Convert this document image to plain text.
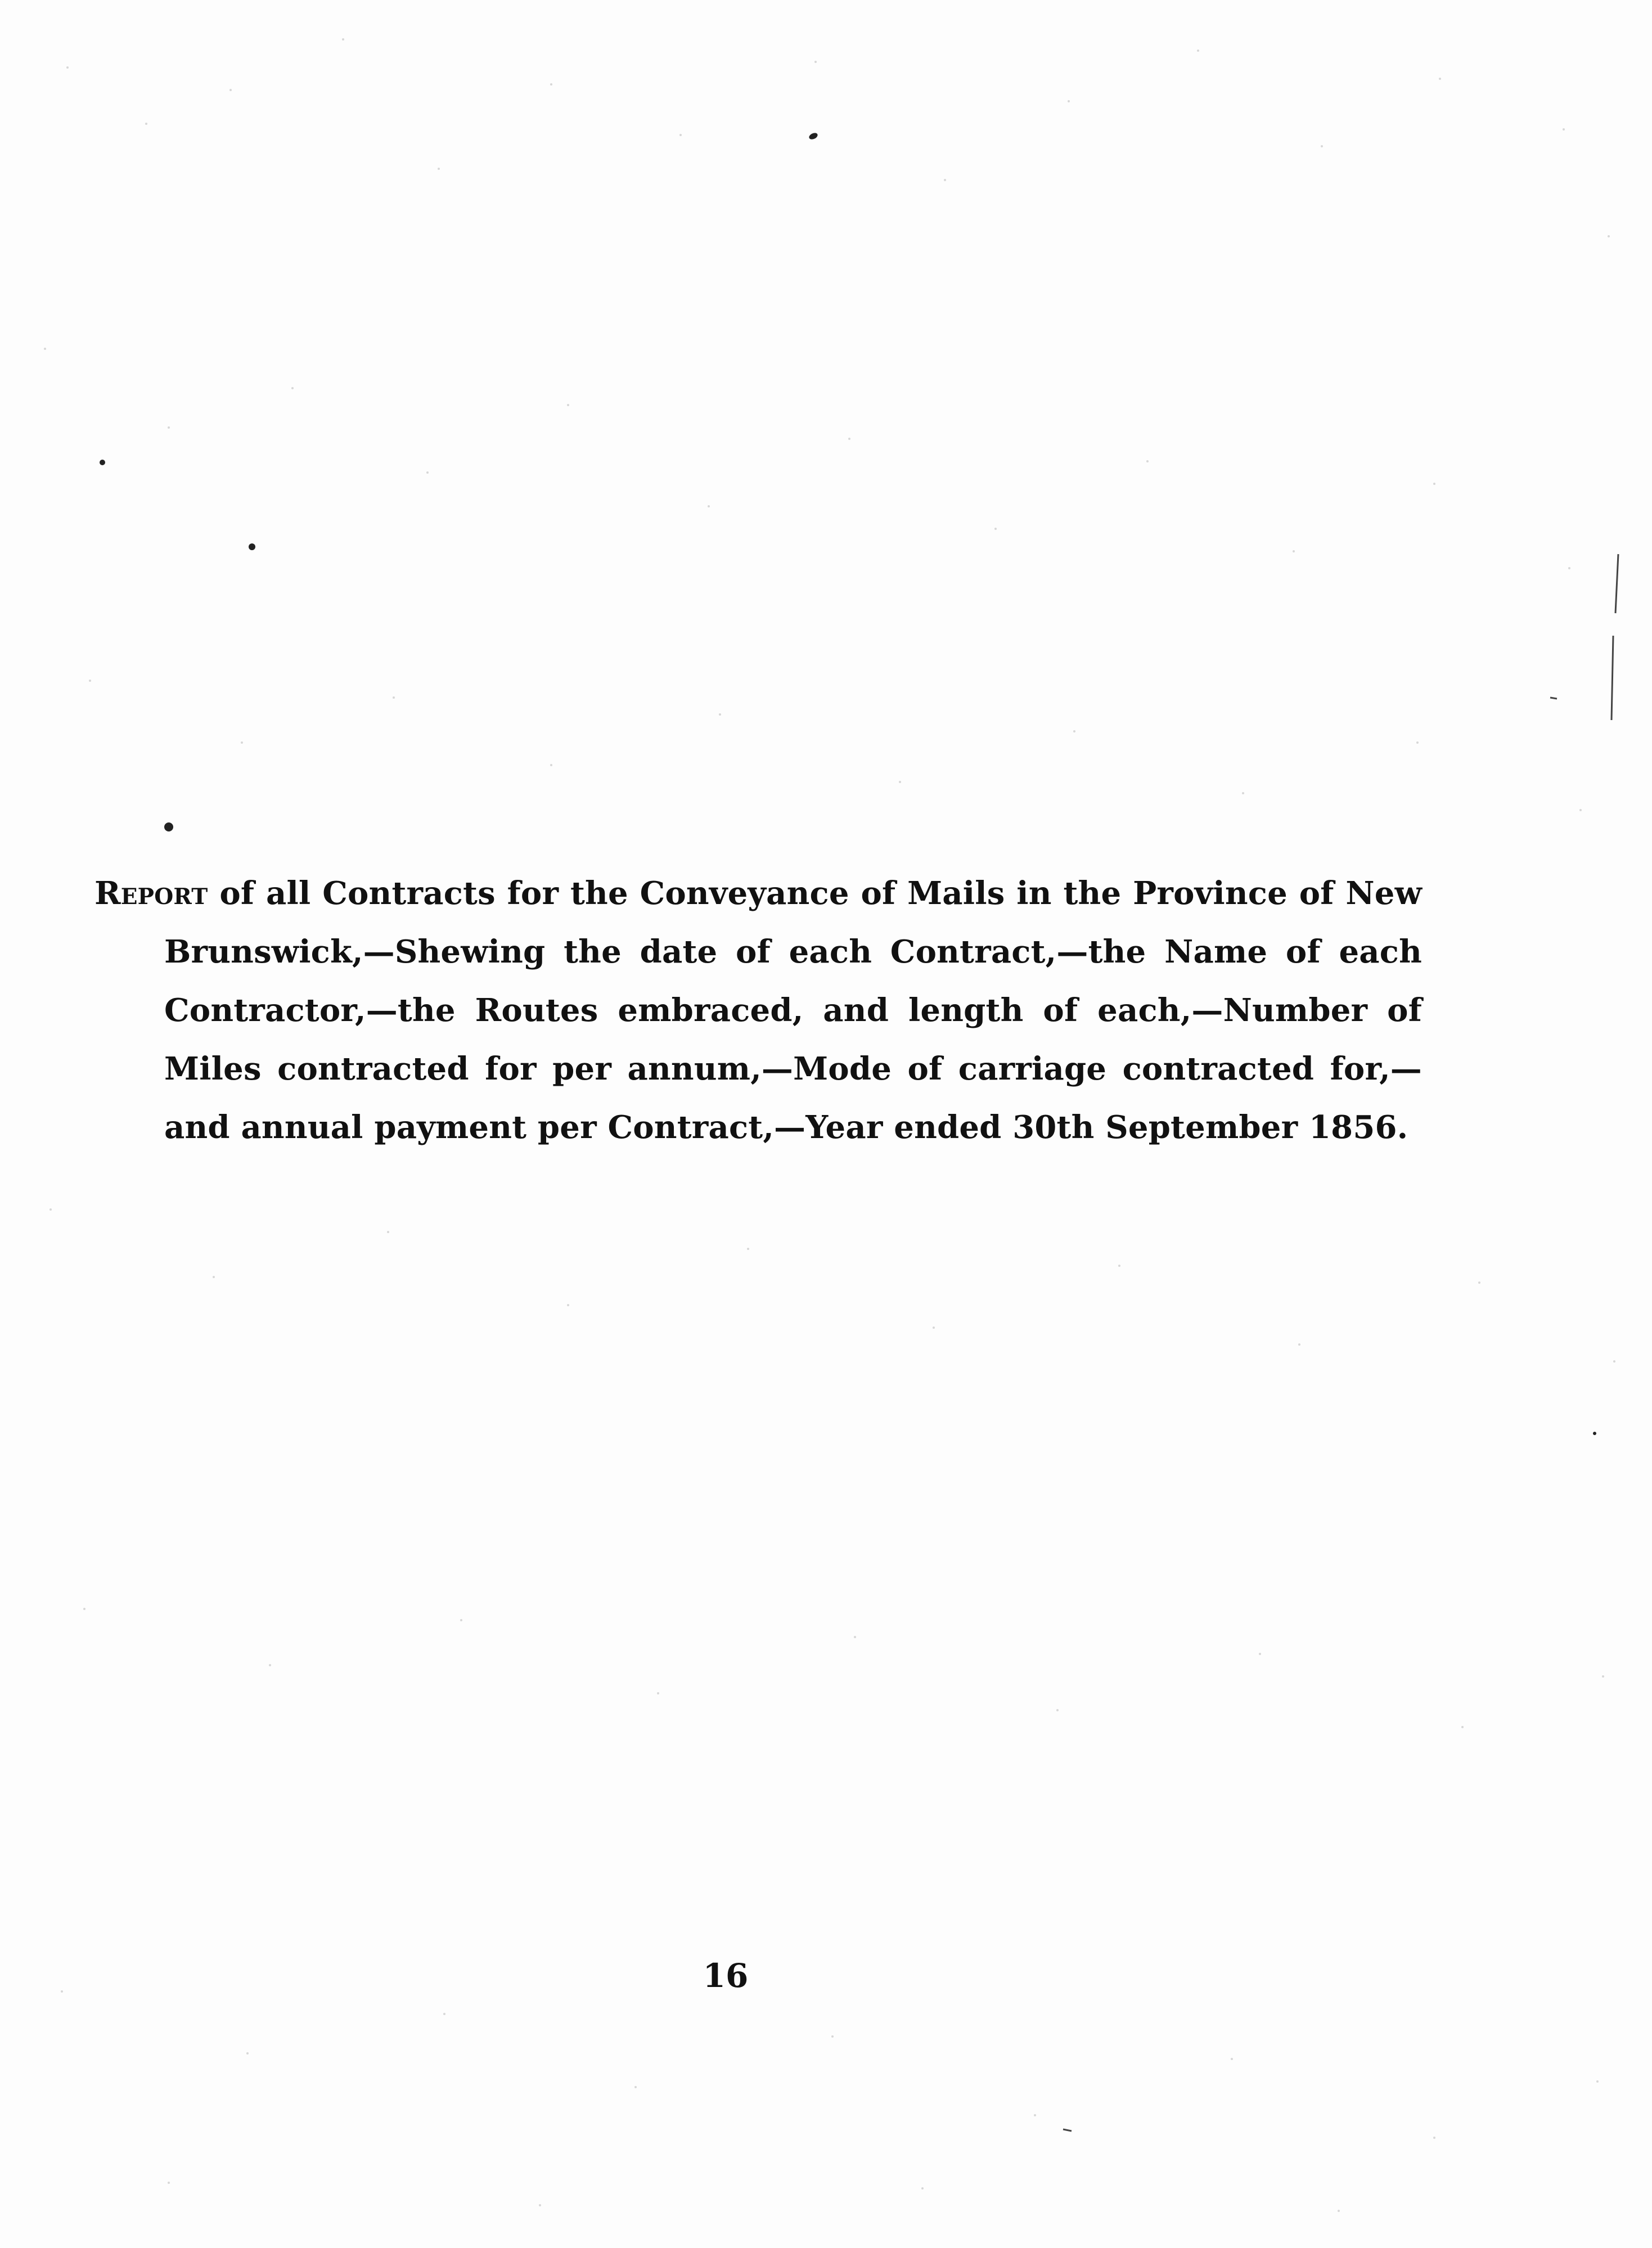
Report of all Contracts for the Conveyance of Mails in the Province of New Brunswick,—Shewing the date of each Contract,—the Name of each Contractor,—the Routes embraced, and length of each,—Number of Miles contracted for per annum,—Mode of carriage contracted for,—and annual payment per Contract,—Year ended 30th September 1856.

16
